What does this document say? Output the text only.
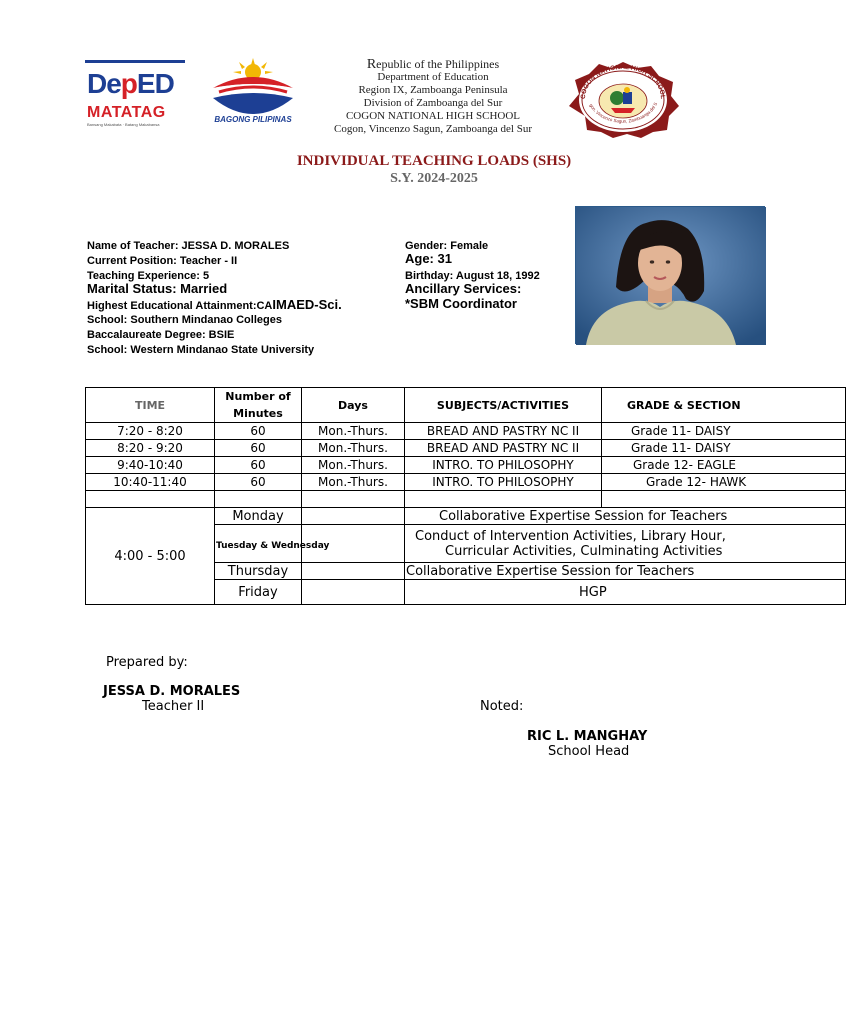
DepED
MATATAG
Bansang Makabata · Batang Makabansa
BAGONG PILIPINAS
Republic of the Philippines
Department of Education
Region IX, Zamboanga Peninsula
Division of Zamboanga del Sur
COGON NATIONAL HIGH SCHOOL
Cogon, Vincenzo Sagun, Zamboanga del Sur
COGON NATIONAL HIGH SCHOOL
gon, Vincenzo Sagun, Zamboanga del S
INDIVIDUAL TEACHING LOADS (SHS)
S.Y. 2024-2025
Name of Teacher: JESSA D. MORALES
Current Position: Teacher - II
Teaching Experience: 5
Marital Status: Married
Highest Educational Attainment:CAIMAED-Sci.
School: Southern Mindanao Colleges
Baccalaureate Degree: BSIE
School: Western Mindanao State University
Gender: Female
Age: 31
Birthday: August 18, 1992
Ancillary Services:
*SBM Coordinator
TIME	Number of Minutes	Days	SUBJECTS/ACTIVITIES	GRADE & SECTION
7:20 - 8:20	60	Mon.-Thurs.	BREAD AND PASTRY NC II	Grade 11- DAISY
8:20 - 9:20	60	Mon.-Thurs.	BREAD AND PASTRY NC II	Grade 11- DAISY
9:40-10:40	60	Mon.-Thurs.	INTRO. TO PHILOSOPHY	Grade 12- EAGLE
10:40-11:40	60	Mon.-Thurs.	INTRO. TO PHILOSOPHY	Grade 12- HAWK

4:00 - 5:00	Monday		Collaborative Expertise Session for Teachers	
	Tuesday & Wednesday		Conduct of Intervention Activities, Library Hour,
Curricular Activities, Culminating Activities	

	Thursday		Collaborative Expertise Session for Teachers	
	Friday		HGP	
Prepared by:
JESSA D. MORALES
Teacher II	Noted:
RIC L. MANGHAY
School Head
